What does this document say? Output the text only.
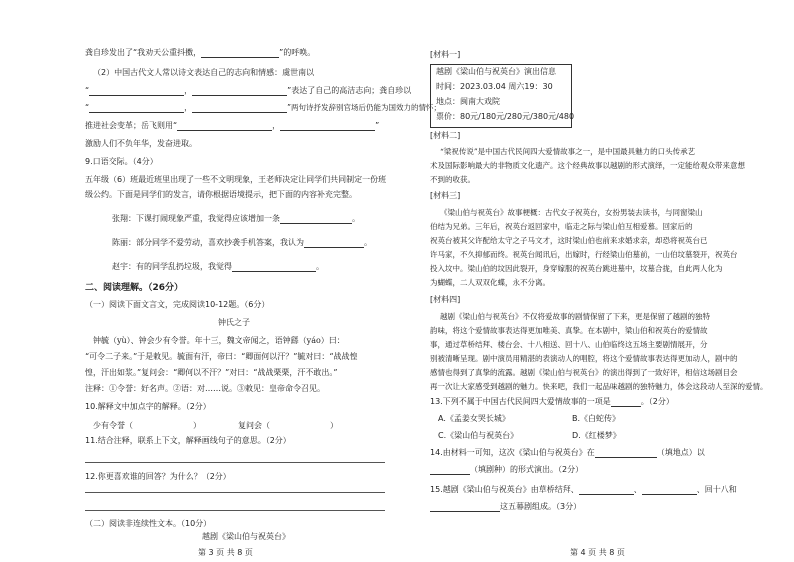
龚自珍发出了“我劝天公重抖擞，	”的呼唤。
（2）中国古代文人常以诗文表达自己的志向和情感：虞世南以
“	，	”表达了自己的高洁志向；龚自珍以
“	，	”两句诗抒发辞别官场后仍能为国效力的情怀；
推进社会变革；岳飞则用“	，	”
激励人们不负年华，发奋进取。
9.口语交际。（4分）
五年级（6）班最近班里出现了一些不文明现象，王老师决定让同学们共同制定一份班
级公约。下面是同学们的发言，请你根据语境提示，把下面的内容补充完整。
张翔：下课打闹现象严重，我觉得应该增加一条	。
陈丽：部分同学不爱劳动，喜欢抄袭手机答案，我认为	。
赵宇：有的同学乱扔垃圾，我觉得	。
二、阅读理解。（26分）
（一）阅读下面文言文，完成阅读10-12题。（6分）
钟氏之子
钟毓（yù）、钟会少有令誉。年十三，魏文帝闻之，语钟繇（yáo）曰：
“可令二子来。”于是敕见。毓面有汗，帝曰：“卿面何以汗？”毓对曰：“战战惶
惶，汗出如浆。”复问会：“卿何以不汗？”对曰：“战战栗栗，汗不敢出。”
注释：①令誉：好名声。②语：对……说。③敕见：皇帝命令召见。
10.解释文中加点字的解释。（2分）
少有令誉（	）	复问会（	）
11.结合注释，联系上下文，解释画线句子的意思。（2分）
12.你更喜欢谁的回答？为什么？（2分）
（二）阅读非连续性文本。（10分）
越剧《梁山伯与祝英台》
第 3 页 共 8 页
[材料一]
越剧《梁山伯与祝英台》演出信息
时间：2023.03.04 周六19：30
地点：闽南大戏院
票价：80元/180元/280元/380元/480
[材料二]
“梁祝传说”是中国古代民间四大爱情故事之一，是中国最具魅力的口头传承艺
术及国际影响最大的非物质文化遗产。这个经典故事以越剧的形式演绎，一定能给观众带来意想
不到的收获。
[材料三]
《梁山伯与祝英台》故事梗概：古代女子祝英台，女扮男装去读书，与同窗梁山
伯结为兄弟。三年后，祝英台返回家中，临走之际与梁山伯互相爱慕。回家后的
祝英台被其父许配给太守之子马文才，这时梁山伯也前来求婚求亲，却恐将祝英台已
许马家，不久抑郁而终。祝英台闻讯后，出嫁时，行经梁山伯墓前，一山伯坟墓裂开，祝英台
投入坟中。梁山伯的坟因此裂开，身穿嫁服的祝英台跳进墓中，坟墓合拢，自此两人化为
为蝴蝶，二人双双化蝶，永不分离。
[材料四]
越剧《梁山伯与祝英台》不仅将爱故事的剧情保留了下来，更是保留了越剧的独特
韵味，将这个爱情故事表达得更加唯美、真挚。在本剧中，梁山伯和祝英台的爱情故
事，通过草桥结拜、楼台会、十八相送、回十八、山伯临终这五场主要剧情展开，分
别被清晰呈现。剧中演员用精湛的表演动人的唱腔，将这个爱情故事表达得更加动人，剧中的
感情也得到了真挚的流露。越剧《梁山伯与祝英台》的演出得到了一致好评，相信这场剧目会
再一次让大家感受到越剧的魅力。快来吧，我们一起品味越剧的独特魅力，体会这段动人至深的爱情。
13.下列不属于中国古代民间四大爱情故事的一项是	。（2分）
A.《孟姜女哭长城》	B.《白蛇传》
C.《梁山伯与祝英台》	D.《红楼梦》
14.由材料一可知，这次《梁山伯与祝英台》在	（填地点）以
（填剧种）的形式演出。（2分）
15.越剧《梁山伯与祝英台》由草桥结拜、	、	、回十八和
这五幕剧组成。（3分）
第 4 页 共 8 页
